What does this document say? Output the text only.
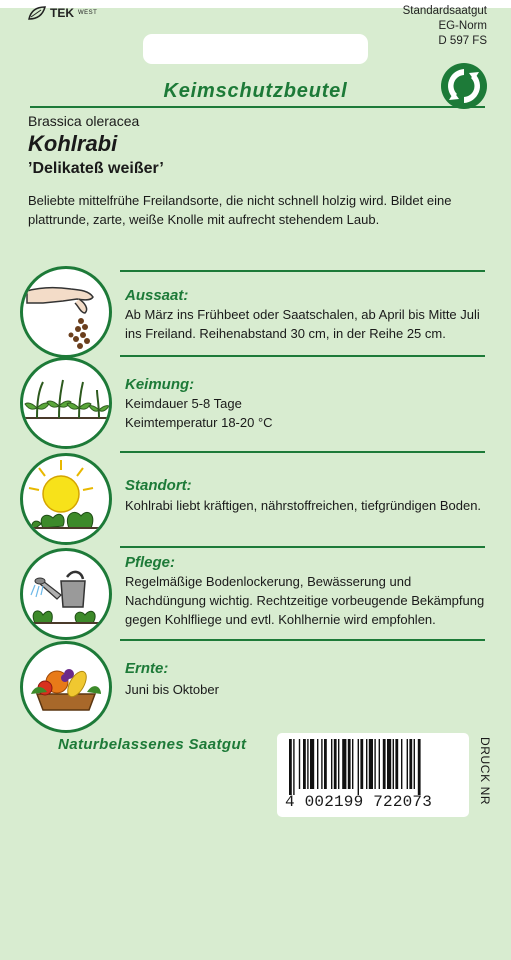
TEK WEST	Standardsaatgut
EG-Norm
D 597 FS
Keimschutzbeutel
Brassica oleracea
Kohlrabi
’Delikateß weißer’
Beliebte mittelfrühe Freilandsorte, die nicht schnell holzig wird. Bildet eine plattrunde, zarte, weiße Knolle mit aufrecht stehendem Laub.
Aussaat:
Ab März ins Frühbeet oder Saatschalen, ab April bis Mitte Juli ins Freiland. Reihenabstand 30 cm, in der Reihe 25 cm.
Keimung:
Keimdauer 5-8 Tage
Keimtemperatur 18-20 °C
Standort:
Kohlrabi liebt kräftigen, nährstoffreichen, tiefgründigen Boden.
Pflege:
Regelmäßige Bodenlockerung, Bewässerung und Nachdüngung wichtig. Rechtzeitige vorbeugende Bekämpfung gegen Kohlfliege und evtl. Kohlhernie wird empfohlen.
Ernte:
Juni bis Oktober
Naturbelassenes Saatgut
4 002199 722073	DRUCK NR
